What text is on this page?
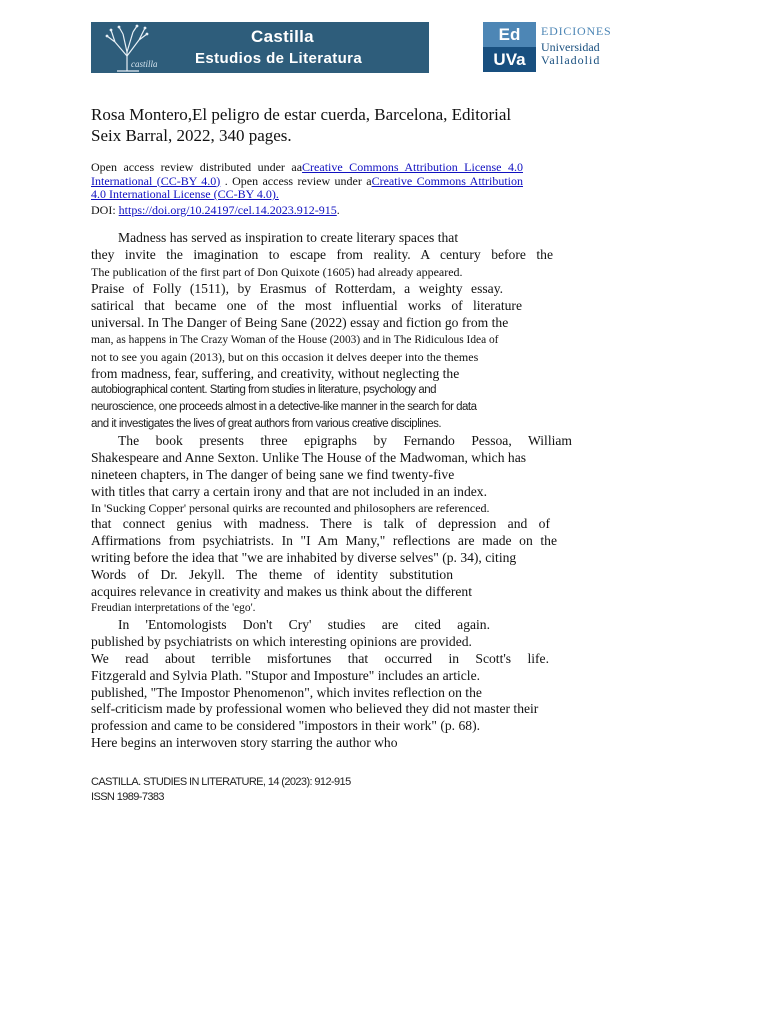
castilla
Castilla
Estudios de Literatura
Ed
UVa
EDICIONES
Universidad
Valladolid
Rosa Montero,El peligro de estar cuerda, Barcelona, Editorial
Seix Barral, 2022, 340 pages.
Open access review distributed under aaCreative Commons Attribution License 4.0 International (CC-BY 4.0) . Open access review under aCreative Commons Attribution 4.0 International License (CC-BY 4.0).
DOI: https://doi.org/10.24197/cel.14.2023.912-915.
Madness has served as inspiration to create literary spaces that
they invite the imagination to escape from reality. A century before the
The publication of the first part of Don Quixote (1605) had already appeared.
Praise of Folly (1511), by Erasmus of Rotterdam, a weighty essay.
satirical that became one of the most influential works of literature
universal. In The Danger of Being Sane (2022) essay and fiction go from the
man, as happens in The Crazy Woman of the House (2003) and in The Ridiculous Idea of
not to see you again (2013), but on this occasion it delves deeper into the themes
from madness, fear, suffering, and creativity, without neglecting the
autobiographical content. Starting from studies in literature, psychology and
neuroscience, one proceeds almost in a detective-like manner in the search for data
and it investigates the lives of great authors from various creative disciplines.
The book presents three epigraphs by Fernando Pessoa, William
Shakespeare and Anne Sexton. Unlike The House of the Madwoman, which has
nineteen chapters, in The danger of being sane we find twenty-five
with titles that carry a certain irony and that are not included in an index.
In 'Sucking Copper' personal quirks are recounted and philosophers are referenced.
that connect genius with madness. There is talk of depression and of
Affirmations from psychiatrists. In "I Am Many," reflections are made on the
writing before the idea that "we are inhabited by diverse selves" (p. 34), citing
Words of Dr. Jekyll. The theme of identity substitution
acquires relevance in creativity and makes us think about the different
Freudian interpretations of the 'ego'.
In 'Entomologists Don't Cry' studies are cited again.
published by psychiatrists on which interesting opinions are provided.
We read about terrible misfortunes that occurred in Scott's life.
Fitzgerald and Sylvia Plath. "Stupor and Imposture" includes an article.
published, "The Impostor Phenomenon", which invites reflection on the
self-criticism made by professional women who believed they did not master their
profession and came to be considered "impostors in their work" (p. 68).
Here begins an interwoven story starring the author who
CASTILLA. STUDIES IN LITERATURE, 14 (2023): 912-915
ISSN 1989-7383
